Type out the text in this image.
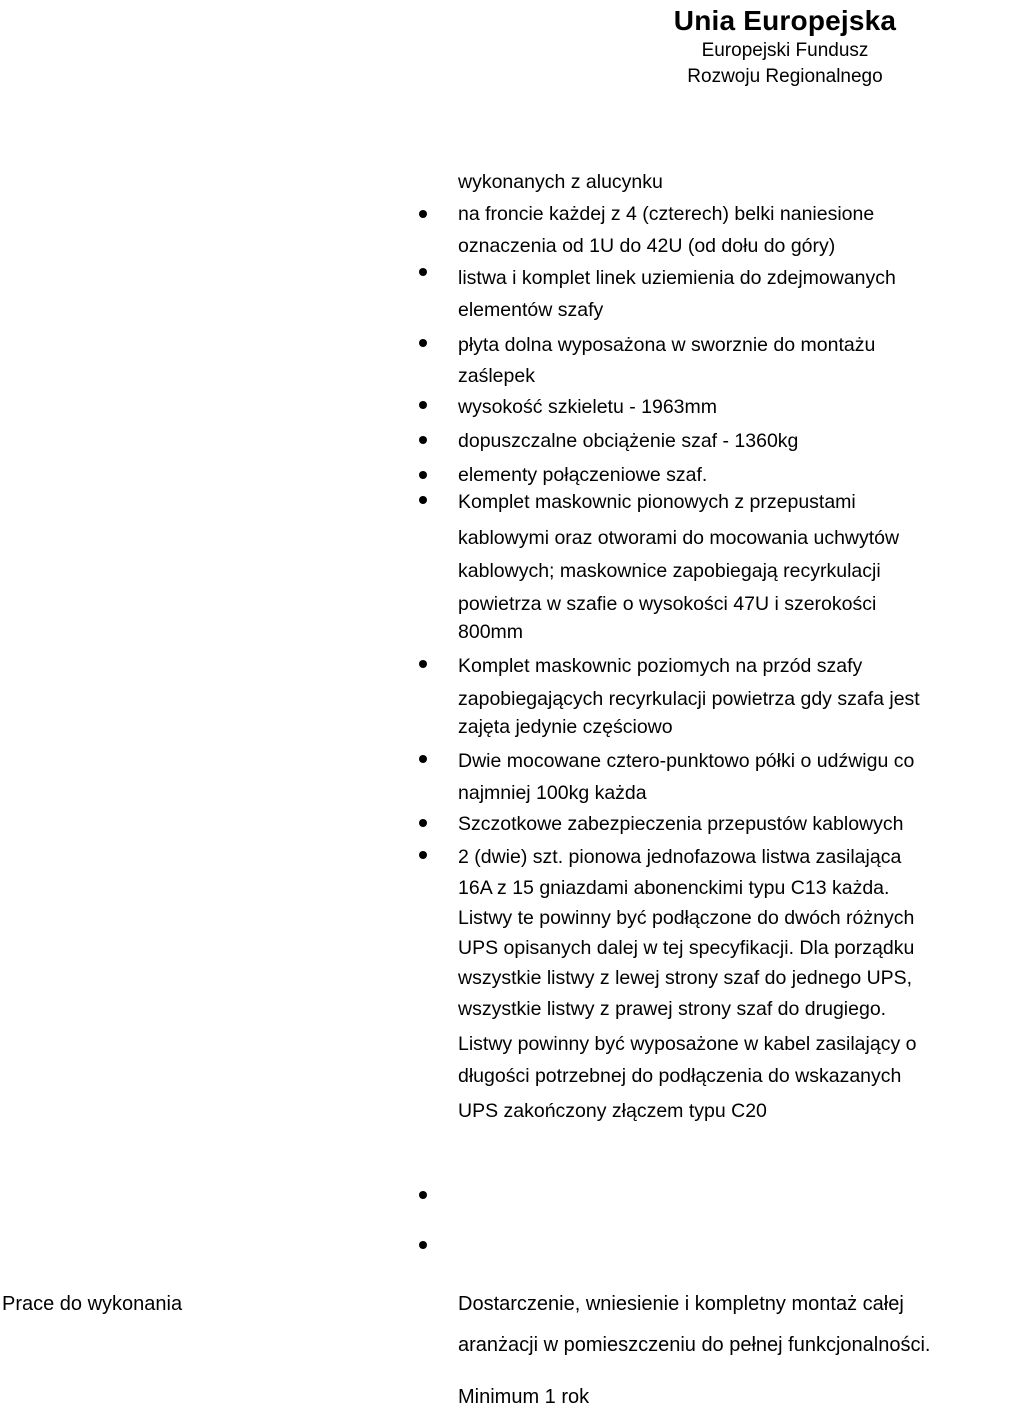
Unia Europejska
Europejski Fundusz
Rozwoju Regionalnego
wykonanych z alucynku
na froncie każdej z 4 (czterech) belki naniesione
oznaczenia od 1U do 42U (od dołu do góry)
listwa i komplet linek uziemienia do zdejmowanych
elementów szafy
płyta dolna wyposażona w sworznie do montażu
zaślepek
wysokość szkieletu - 1963mm
dopuszczalne obciążenie szaf - 1360kg
elementy połączeniowe szaf.
Komplet maskownic pionowych z przepustami
kablowymi oraz otworami do mocowania uchwytów
kablowych; maskownice zapobiegają recyrkulacji
powietrza w szafie o wysokości 47U i szerokości
800mm
Komplet maskownic poziomych na przód szafy
zapobiegających recyrkulacji powietrza gdy szafa jest
zajęta jedynie częściowo
Dwie mocowane cztero-punktowo półki o udźwigu co
najmniej 100kg każda
Szczotkowe zabezpieczenia przepustów kablowych
2 (dwie) szt. pionowa jednofazowa listwa zasilająca
16A z 15 gniazdami abonenckimi typu C13 każda.
Listwy te powinny być podłączone do dwóch różnych
UPS opisanych dalej w tej specyfikacji. Dla porządku
wszystkie listwy z lewej strony szaf do jednego UPS,
wszystkie listwy z prawej strony szaf do drugiego.
Listwy powinny być wyposażone w kabel zasilający o
długości potrzebnej do podłączenia do wskazanych
UPS zakończony złączem typu C20
Prace do wykonania	Dostarczenie, wniesienie i kompletny montaż całej
aranżacji w pomieszczeniu do pełnej funkcjonalności.
Minimum 1 rok
